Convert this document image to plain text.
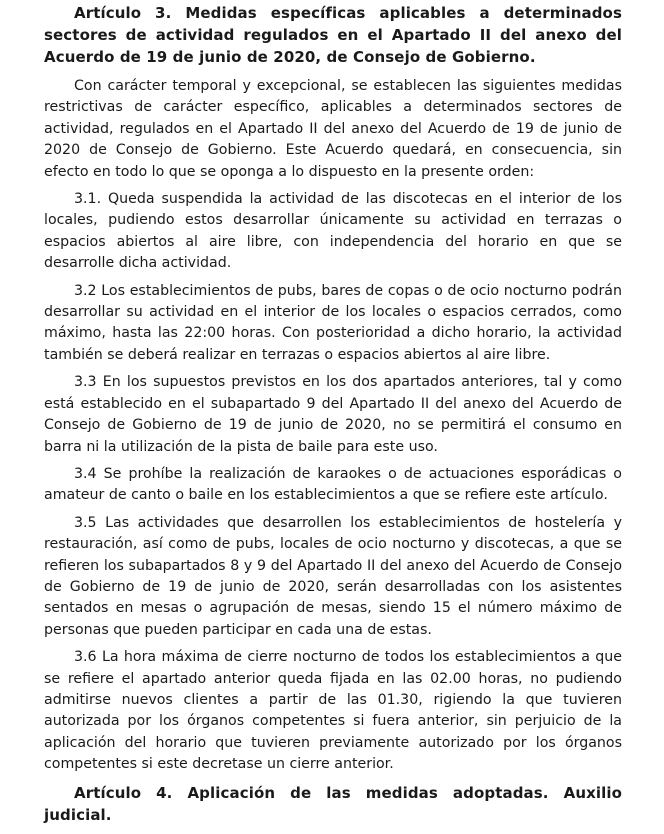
Artículo 3. Medidas específicas aplicables a determinados sectores de actividad regulados en el Apartado II del anexo del Acuerdo de 19 de junio de 2020, de Consejo de Gobierno.

Con carácter temporal y excepcional, se establecen las siguientes medidas restrictivas de carácter específico, aplicables a determinados sectores de actividad, regulados en el Apartado II del anexo del Acuerdo de 19 de junio de 2020 de Consejo de Gobierno. Este Acuerdo quedará, en consecuencia, sin efecto en todo lo que se oponga a lo dispuesto en la presente orden:

3.1. Queda suspendida la actividad de las discotecas en el interior de los locales, pudiendo estos desarrollar únicamente su actividad en terrazas o espacios abiertos al aire libre, con independencia del horario en que se desarrolle dicha actividad.

3.2 Los establecimientos de pubs, bares de copas o de ocio nocturno podrán desarrollar su actividad en el interior de los locales o espacios cerrados, como máximo, hasta las 22:00 horas. Con posterioridad a dicho horario, la actividad también se deberá realizar en terrazas o espacios abiertos al aire libre.

3.3 En los supuestos previstos en los dos apartados anteriores, tal y como está establecido en el subapartado 9 del Apartado II del anexo del Acuerdo de Consejo de Gobierno de 19 de junio de 2020, no se permitirá el consumo en barra ni la utilización de la pista de baile para este uso.

3.4 Se prohíbe la realización de karaokes o de actuaciones esporádicas o amateur de canto o baile en los establecimientos a que se refiere este artículo.

3.5 Las actividades que desarrollen los establecimientos de hostelería y restauración, así como de pubs, locales de ocio nocturno y discotecas, a que se refieren los subapartados 8 y 9 del Apartado II del anexo del Acuerdo de Consejo de Gobierno de 19 de junio de 2020, serán desarrolladas con los asistentes sentados en mesas o agrupación de mesas, siendo 15 el número máximo de personas que pueden participar en cada una de estas.

3.6 La hora máxima de cierre nocturno de todos los establecimientos a que se refiere el apartado anterior queda fijada en las 02.00 horas, no pudiendo admitirse nuevos clientes a partir de las 01.30, rigiendo la que tuvieren autorizada por los órganos competentes si fuera anterior, sin perjuicio de la aplicación del horario que tuvieren previamente autorizado por los órganos competentes si este decretase un cierre anterior.

Artículo 4. Aplicación de las medidas adoptadas. Auxilio judicial.
